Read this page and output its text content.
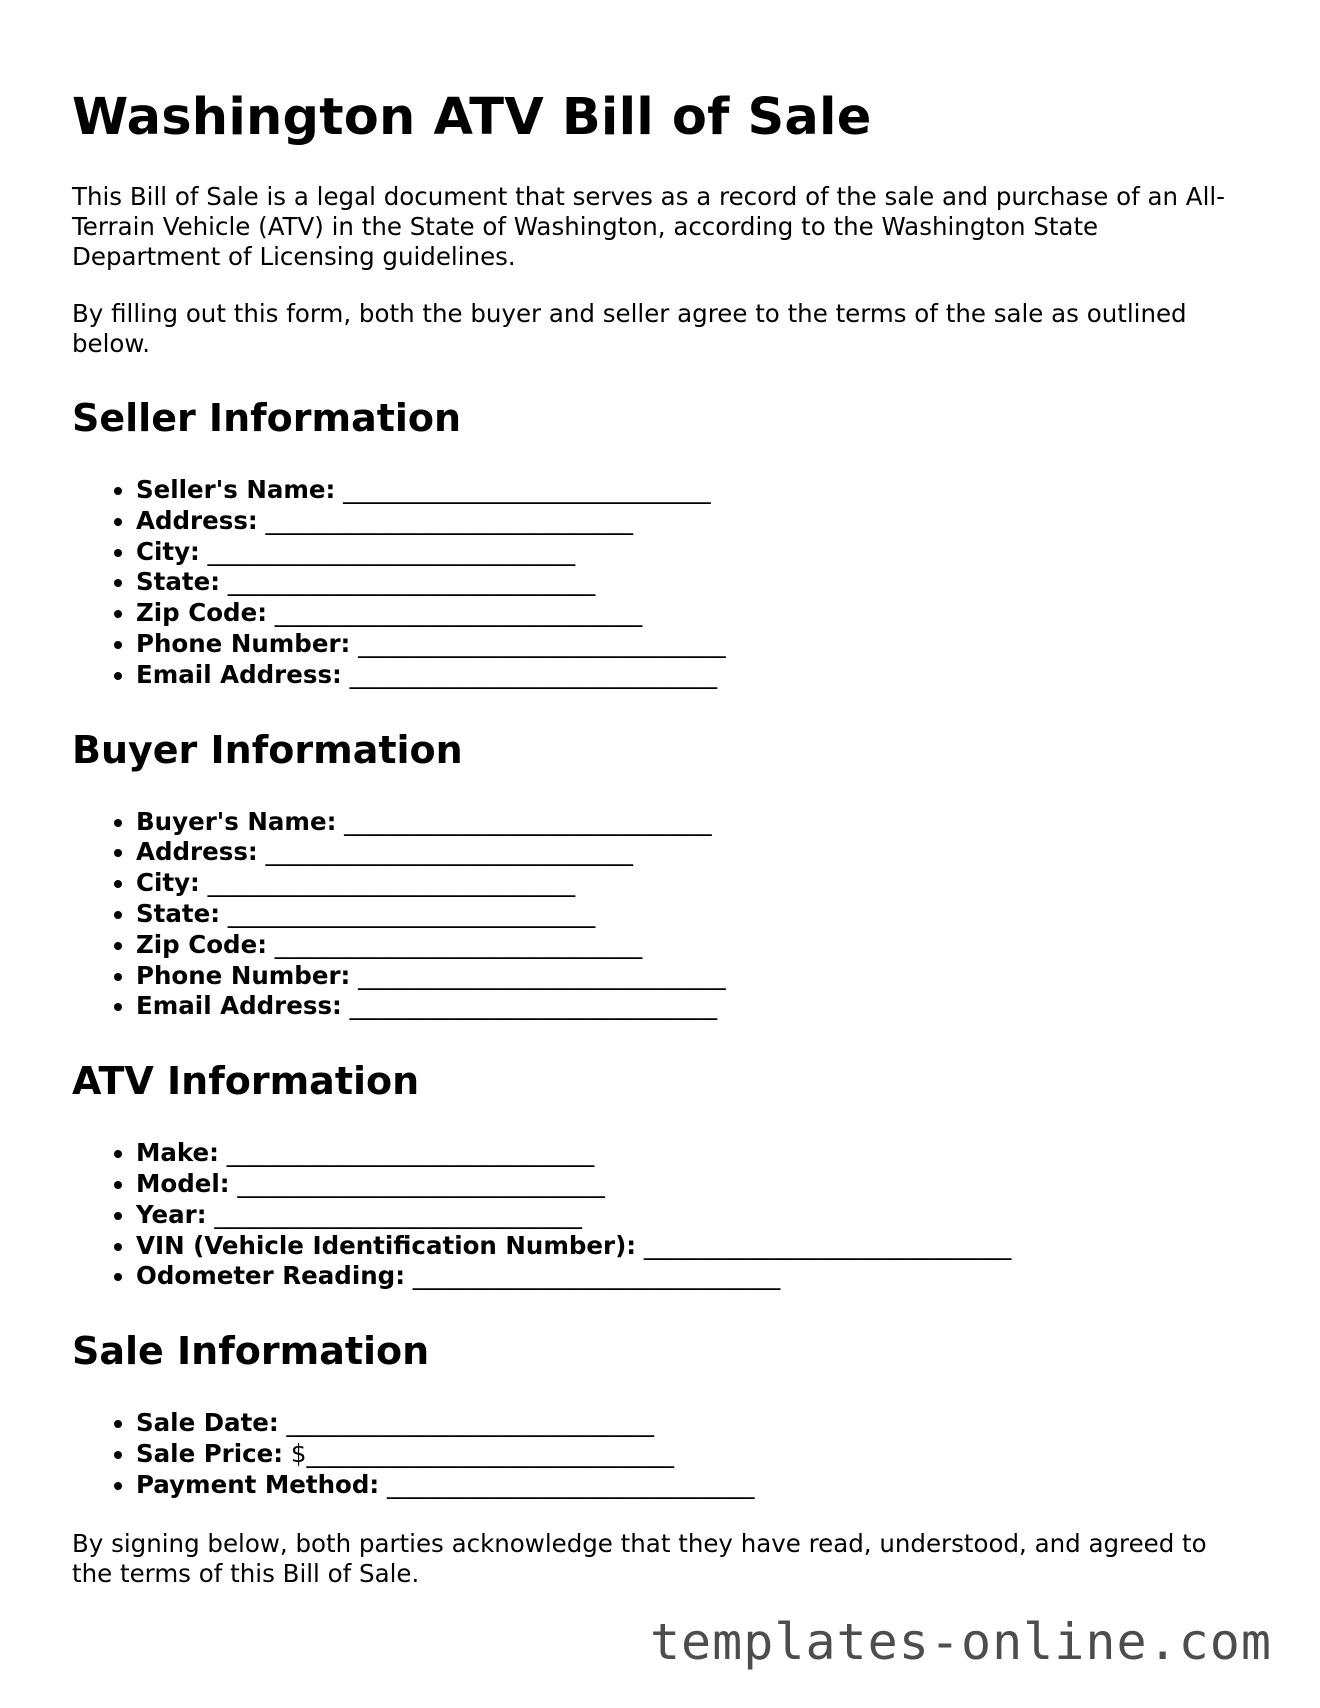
Washington ATV Bill of Sale

This Bill of Sale is a legal document that serves as a record of the sale and purchase of an All-Terrain Vehicle (ATV) in the State of Washington, according to the Washington State Department of Licensing guidelines.

By filling out this form, both the buyer and seller agree to the terms of the sale as outlined below.

Seller Information
• Seller's Name: ______________________________
• Address: ______________________________
• City: ______________________________
• State: ______________________________
• Zip Code: ______________________________
• Phone Number: ______________________________
• Email Address: ______________________________
Buyer Information
• Buyer's Name: ______________________________
• Address: ______________________________
• City: ______________________________
• State: ______________________________
• Zip Code: ______________________________
• Phone Number: ______________________________
• Email Address: ______________________________
ATV Information
• Make: ______________________________
• Model: ______________________________
• Year: ______________________________
• VIN (Vehicle Identification Number): ______________________________
• Odometer Reading: ______________________________
Sale Information
• Sale Date: ______________________________
• Sale Price: $______________________________
• Payment Method: ______________________________

By signing below, both parties acknowledge that they have read, understood, and agreed to the terms of this Bill of Sale.

templates-online.com
